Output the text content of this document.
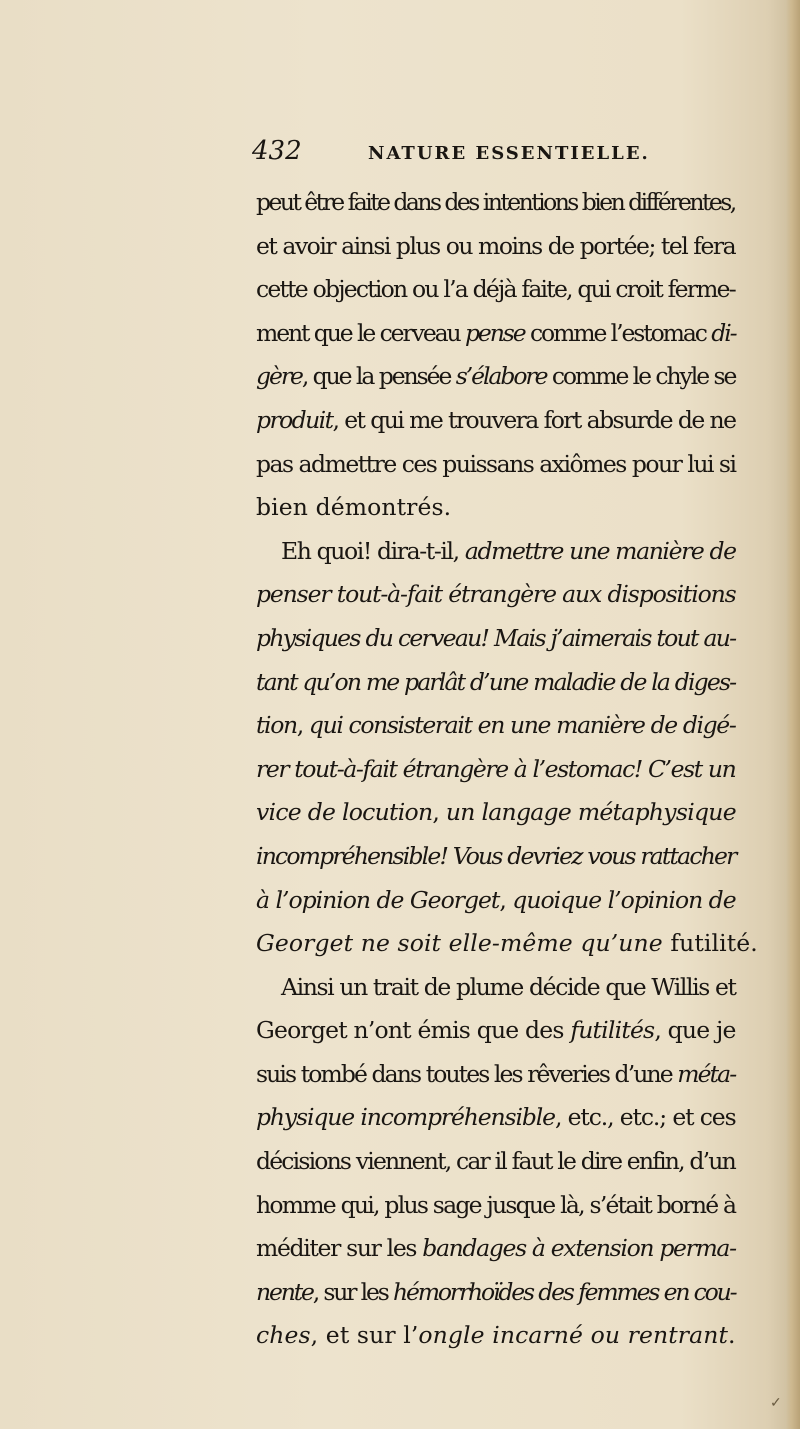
432	NATURE ESSENTIELLE.
peut être faite dans des intentions bien différentes,
et avoir ainsi plus ou moins de portée; tel fera
cette objection ou l’a déjà faite, qui croit ferme-
ment que le cerveau pense comme l’estomac di-
gère, que la pensée s’élabore comme le chyle se
produit, et qui me trouvera fort absurde de ne
pas admettre ces puissans axiômes pour lui si
bien démontrés.
Eh quoi! dira-t-il, admettre une manière de
penser tout-à-fait étrangère aux dispositions
physiques du cerveau! Mais j’aimerais tout au-
tant qu’on me parlât d’une maladie de la diges-
tion, qui consisterait en une manière de digé-
rer tout-à-fait étrangère à l’estomac! C’est un
vice de locution, un langage métaphysique
incompréhensible! Vous devriez vous rattacher
à l’opinion de Georget, quoique l’opinion de
Georget ne soit elle-même qu’une futilité.
Ainsi un trait de plume décide que Willis et
Georget n’ont émis que des futilités, que je
suis tombé dans toutes les rêveries d’une méta-
physique incompréhensible, etc., etc.; et ces
décisions viennent, car il faut le dire enfin, d’un
homme qui, plus sage jusque là, s’était borné à
méditer sur les bandages à extension perma-
nente, sur les hémorrhoïdes des femmes en cou-
ches, et sur l’ongle incarné ou rentrant.
✓
